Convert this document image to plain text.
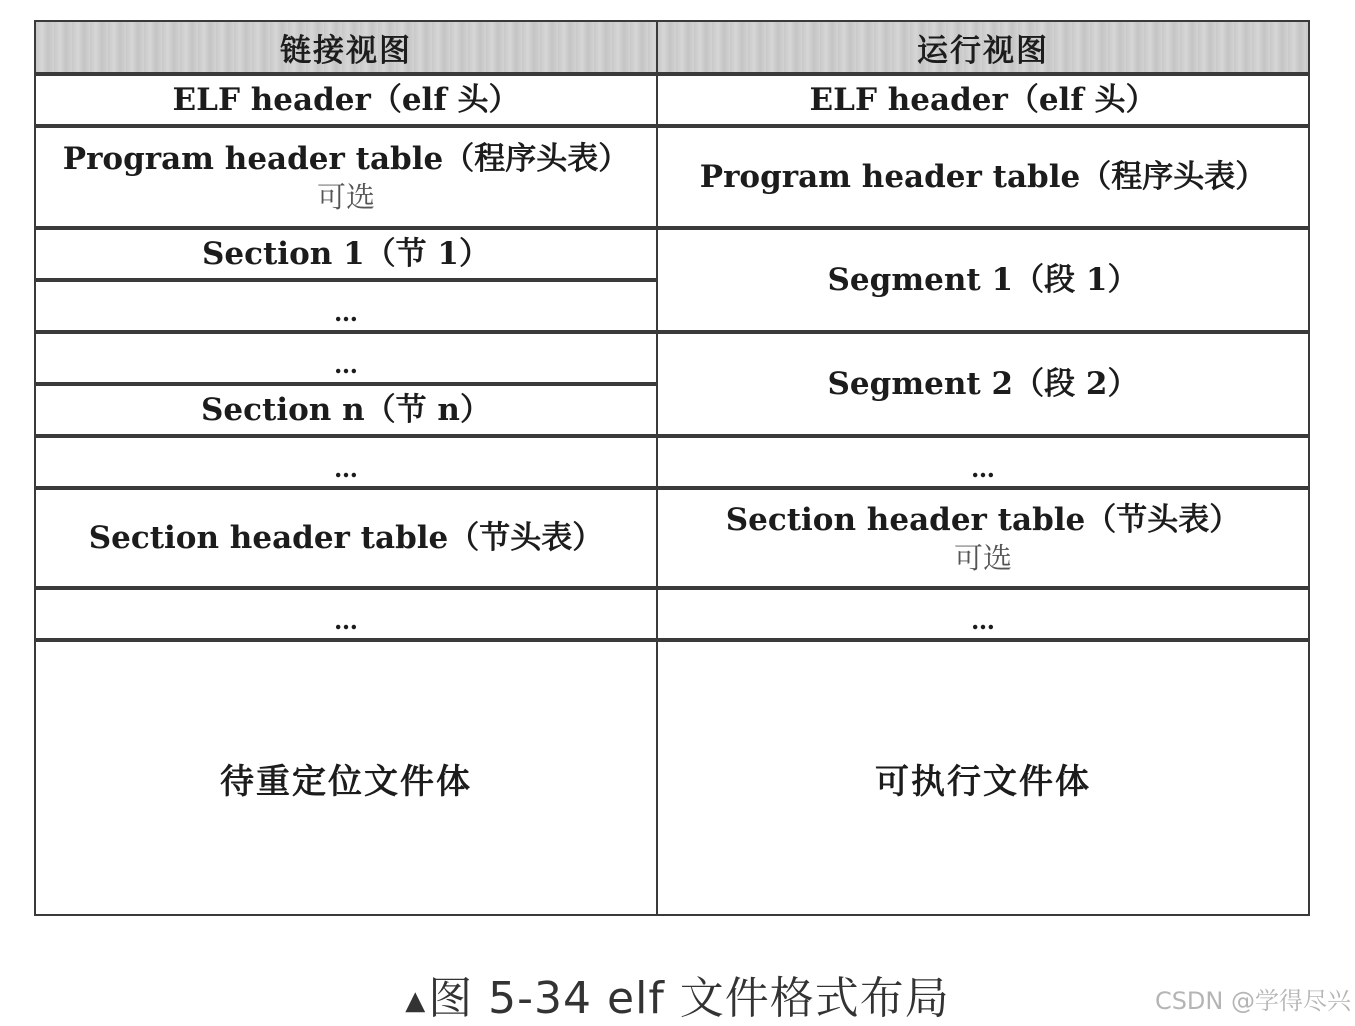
链接视图
ELF header（elf 头）
Program header table（程序头表）
可选
Section 1（节 1）
…
…
Section n（节 n）
…
Section header table（节头表）
…
待重定位文件体
运行视图
ELF header（elf 头）
Program header table（程序头表）
Segment 1（段 1）
Segment 2（段 2）
…
Section header table（节头表）
可选
…
可执行文件体
▲图 5-34 elf 文件格式布局	CSDN @学得尽兴
